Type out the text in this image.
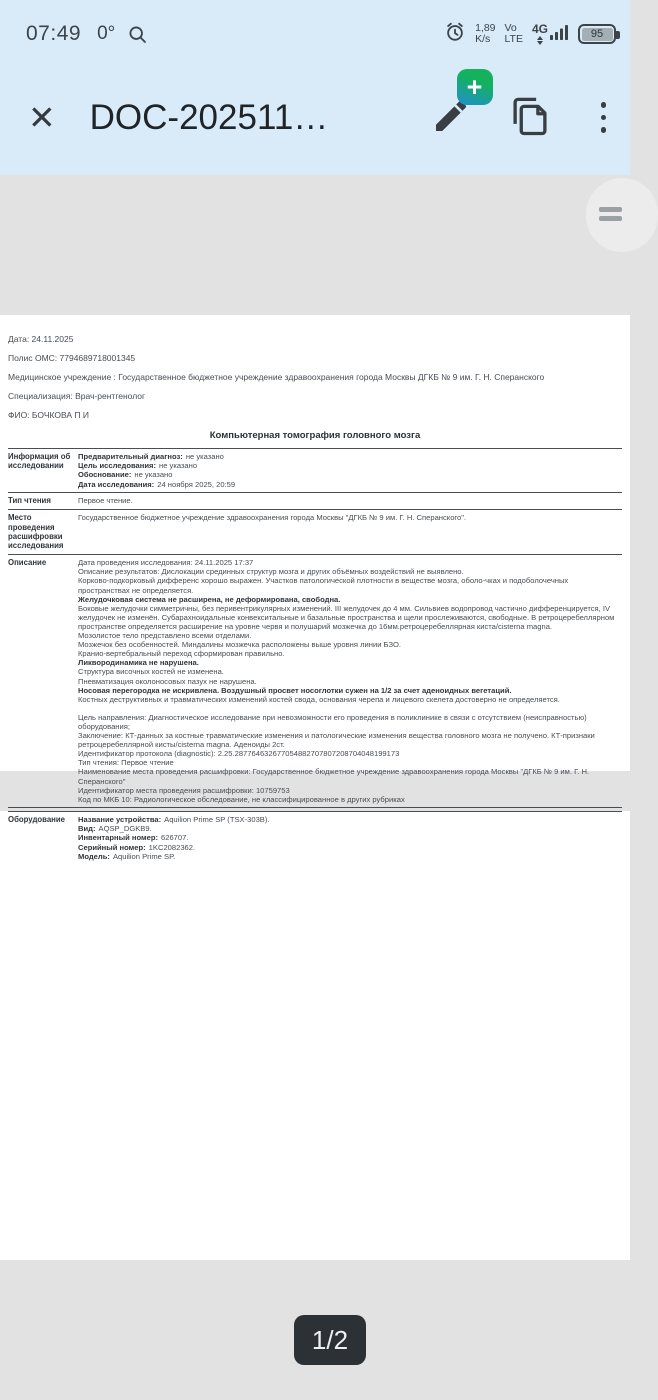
07:49 0°	1,89
K/s
Vo
LTE
4G	95
✕ DOC-202511…
+
Дата: 24.11.2025
Полис ОМС: 7794689718001345
Медицинское учреждение : Государственное бюджетное учреждение здравоохранения города Москвы ДГКБ № 9 им. Г. Н. Сперанского
Специализация: Врач-рентгенолог
ФИО: БОЧКОВА П И
Компьютерная томография головного мозга
Информация об исследовании	Предварительный диагноз: не указано
Цель исследования: не указано
Обоснование: не указано
Дата исследования: 24 ноября 2025, 20:59

Тип чтения	Первое чтение.
Место проведения расшифровки исследования	Государственное бюджетное учреждение здравоохранения города Москвы "ДГКБ № 9 им. Г. Н. Сперанского".
Описание	Дата проведения исследования: 24.11.2025 17:37
Описание результатов: Дислокации срединных структур мозга и других объёмных воздействий не выявлено.
Корково-подкорковый дифференс хорошо выражен. Участков патологической плотности в веществе мозга, оболо-чках и подоболочечных пространствах не определяется.
Желудочковая система не расширена, не деформирована, свободна.
Боковые желудочки симметричны, без перивентрикулярных изменений. III желудочек до 4 мм. Сильвиев водопровод частично дифференцируется, IV желудочек не изменён. Субарахноидальные конвекситальные и базальные пространства и щели прослеживаются, свободные. В ретроцеребеллярном пространстве определяется расширение на уровне червя и полушарий мозжечка до 16мм.ретроцеребеллярная киста/cisterna magna.
Мозолистое тело представлено всеми отделами.
Мозжечок без особенностей. Миндалины мозжечка расположены выше уровня линии БЗО.
Кранио-вертебральный переход сформирован правильно.
Ликвородинамика не нарушена.
Структура височных костей не изменена.
Пневматизация околоносовых пазух не нарушена.
Носовая перегородка не искривлена. Воздушный просвет носоглотки сужен на 1/2 за счет аденоидных вегетаций.
Костных деструктивных и травматических изменений костей свода, основания черепа и лицевого скелета достоверно не определяется.
Цель направления: Диагностическое исследование при невозможности его проведения в поликлинике в связи с отсутствием (неисправностью) оборудования;
Заключение: КТ-данных за костные травматические изменения и патологические изменения вещества головного мозга не получено. КТ-признаки ретроцеребеллярной кисты/cisterna magna. Аденоиды 2ст.
Идентификатор протокола (diagnostic): 2.25.287764632677054882707807208704048199173
Тип чтения: Первое чтение
Наименование места проведения расшифровки: Государственное бюджетное учреждение здравоохранения города Москвы "ДГКБ № 9 им. Г. Н. Сперанского"
Идентификатор места проведения расшифровки: 10759753
Код по МКБ 10: Радиологическое обследование, не классифицированное в других рубриках
Оборудование	Название устройства: Aquilion Prime SP (TSX-303B).
Вид: AQSP_DGKB9.
Инвентарный номер: 626707.
Серийный номер: 1KC2082362.
Модель: Aquilion Prime SP.
1/2
